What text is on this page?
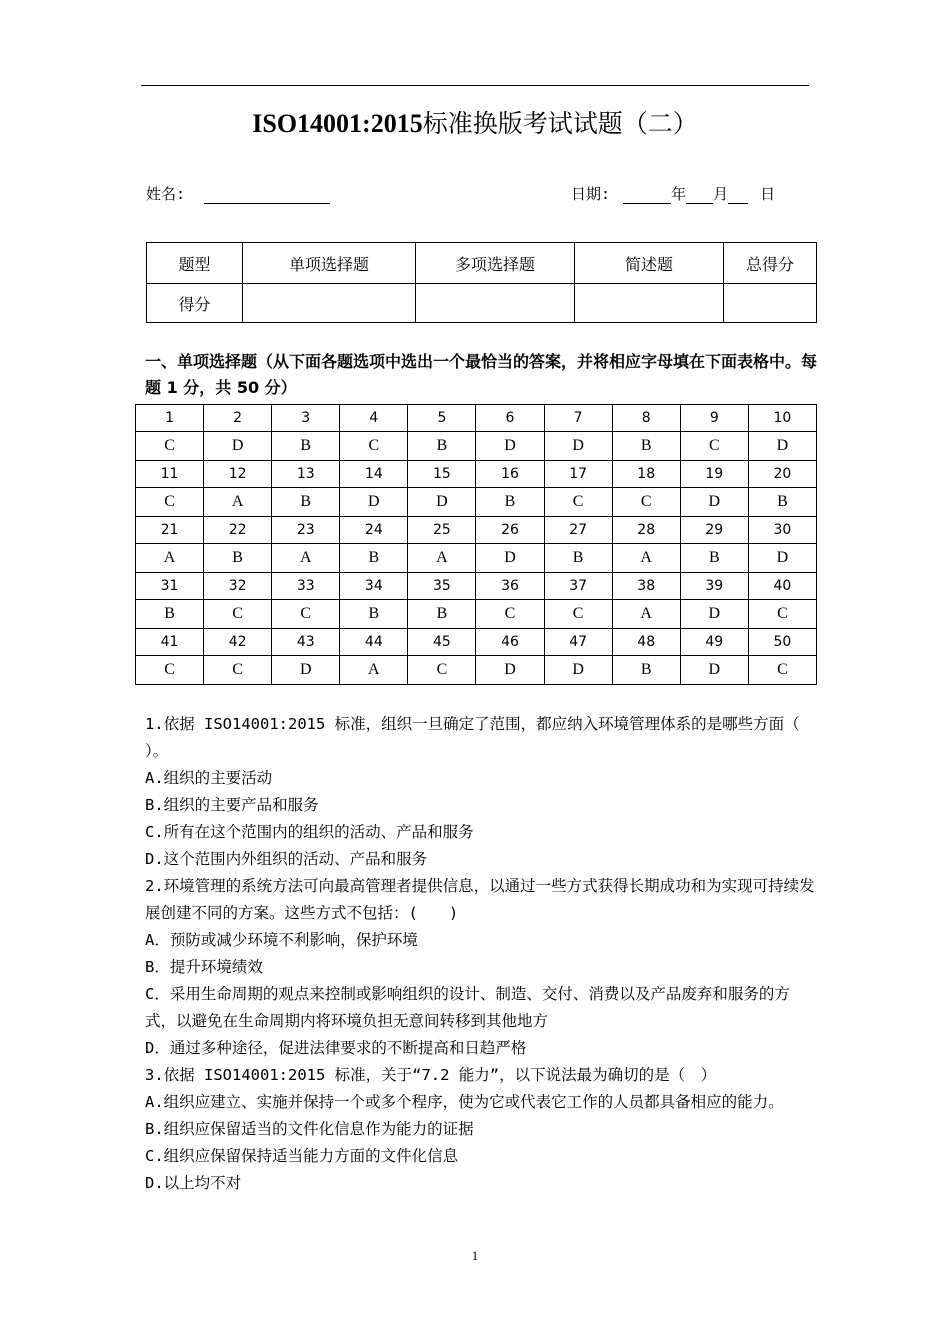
ISO14001:2015标准换版考试试题（二）
姓名:	日期:	年 月 日
题型	单项选择题	多项选择题	简述题	总得分
得分				
一、单项选择题（从下面各题选项中选出一个最恰当的答案，并将相应字母填在下面表格中。每题 1 分，共 50 分）
1	2	3	4	5	6	7	8	9	10
C	D	B	C	B	D	D	B	C	D
11	12	13	14	15	16	17	18	19	20
C	A	B	D	D	B	C	C	D	B
21	22	23	24	25	26	27	28	29	30
A	B	A	B	A	D	B	A	B	D
31	32	33	34	35	36	37	38	39	40
B	C	C	B	B	C	C	A	D	C
41	42	43	44	45	46	47	48	49	50
C	C	D	A	C	D	D	B	D	C

1.依据 ISO14001:2015 标准，组织一旦确定了范围，都应纳入环境管理体系的是哪些方面（ ）。

A.组织的主要活动

B.组织的主要产品和服务

C.所有在这个范围内的组织的活动、产品和服务

D.这个范围内外组织的活动、产品和服务

2.环境管理的系统方法可向最高管理者提供信息，以通过一些方式获得长期成功和为实现可持续发展创建不同的方案。这些方式不包括：(　　)

A．预防或减少环境不利影响，保护环境

B．提升环境绩效

C．采用生命周期的观点来控制或影响组织的设计、制造、交付、消费以及产品废弃和服务的方式，以避免在生命周期内将环境负担无意间转移到其他地方

D．通过多种途径，促进法律要求的不断提高和日趋严格

3.依据 ISO14001:2015 标准，关于“7.2 能力”，以下说法最为确切的是（　）

A.组织应建立、实施并保持一个或多个程序，使为它或代表它工作的人员都具备相应的能力。

B.组织应保留适当的文件化信息作为能力的证据

C.组织应保留保持适当能力方面的文件化信息

D.以上均不对

1
